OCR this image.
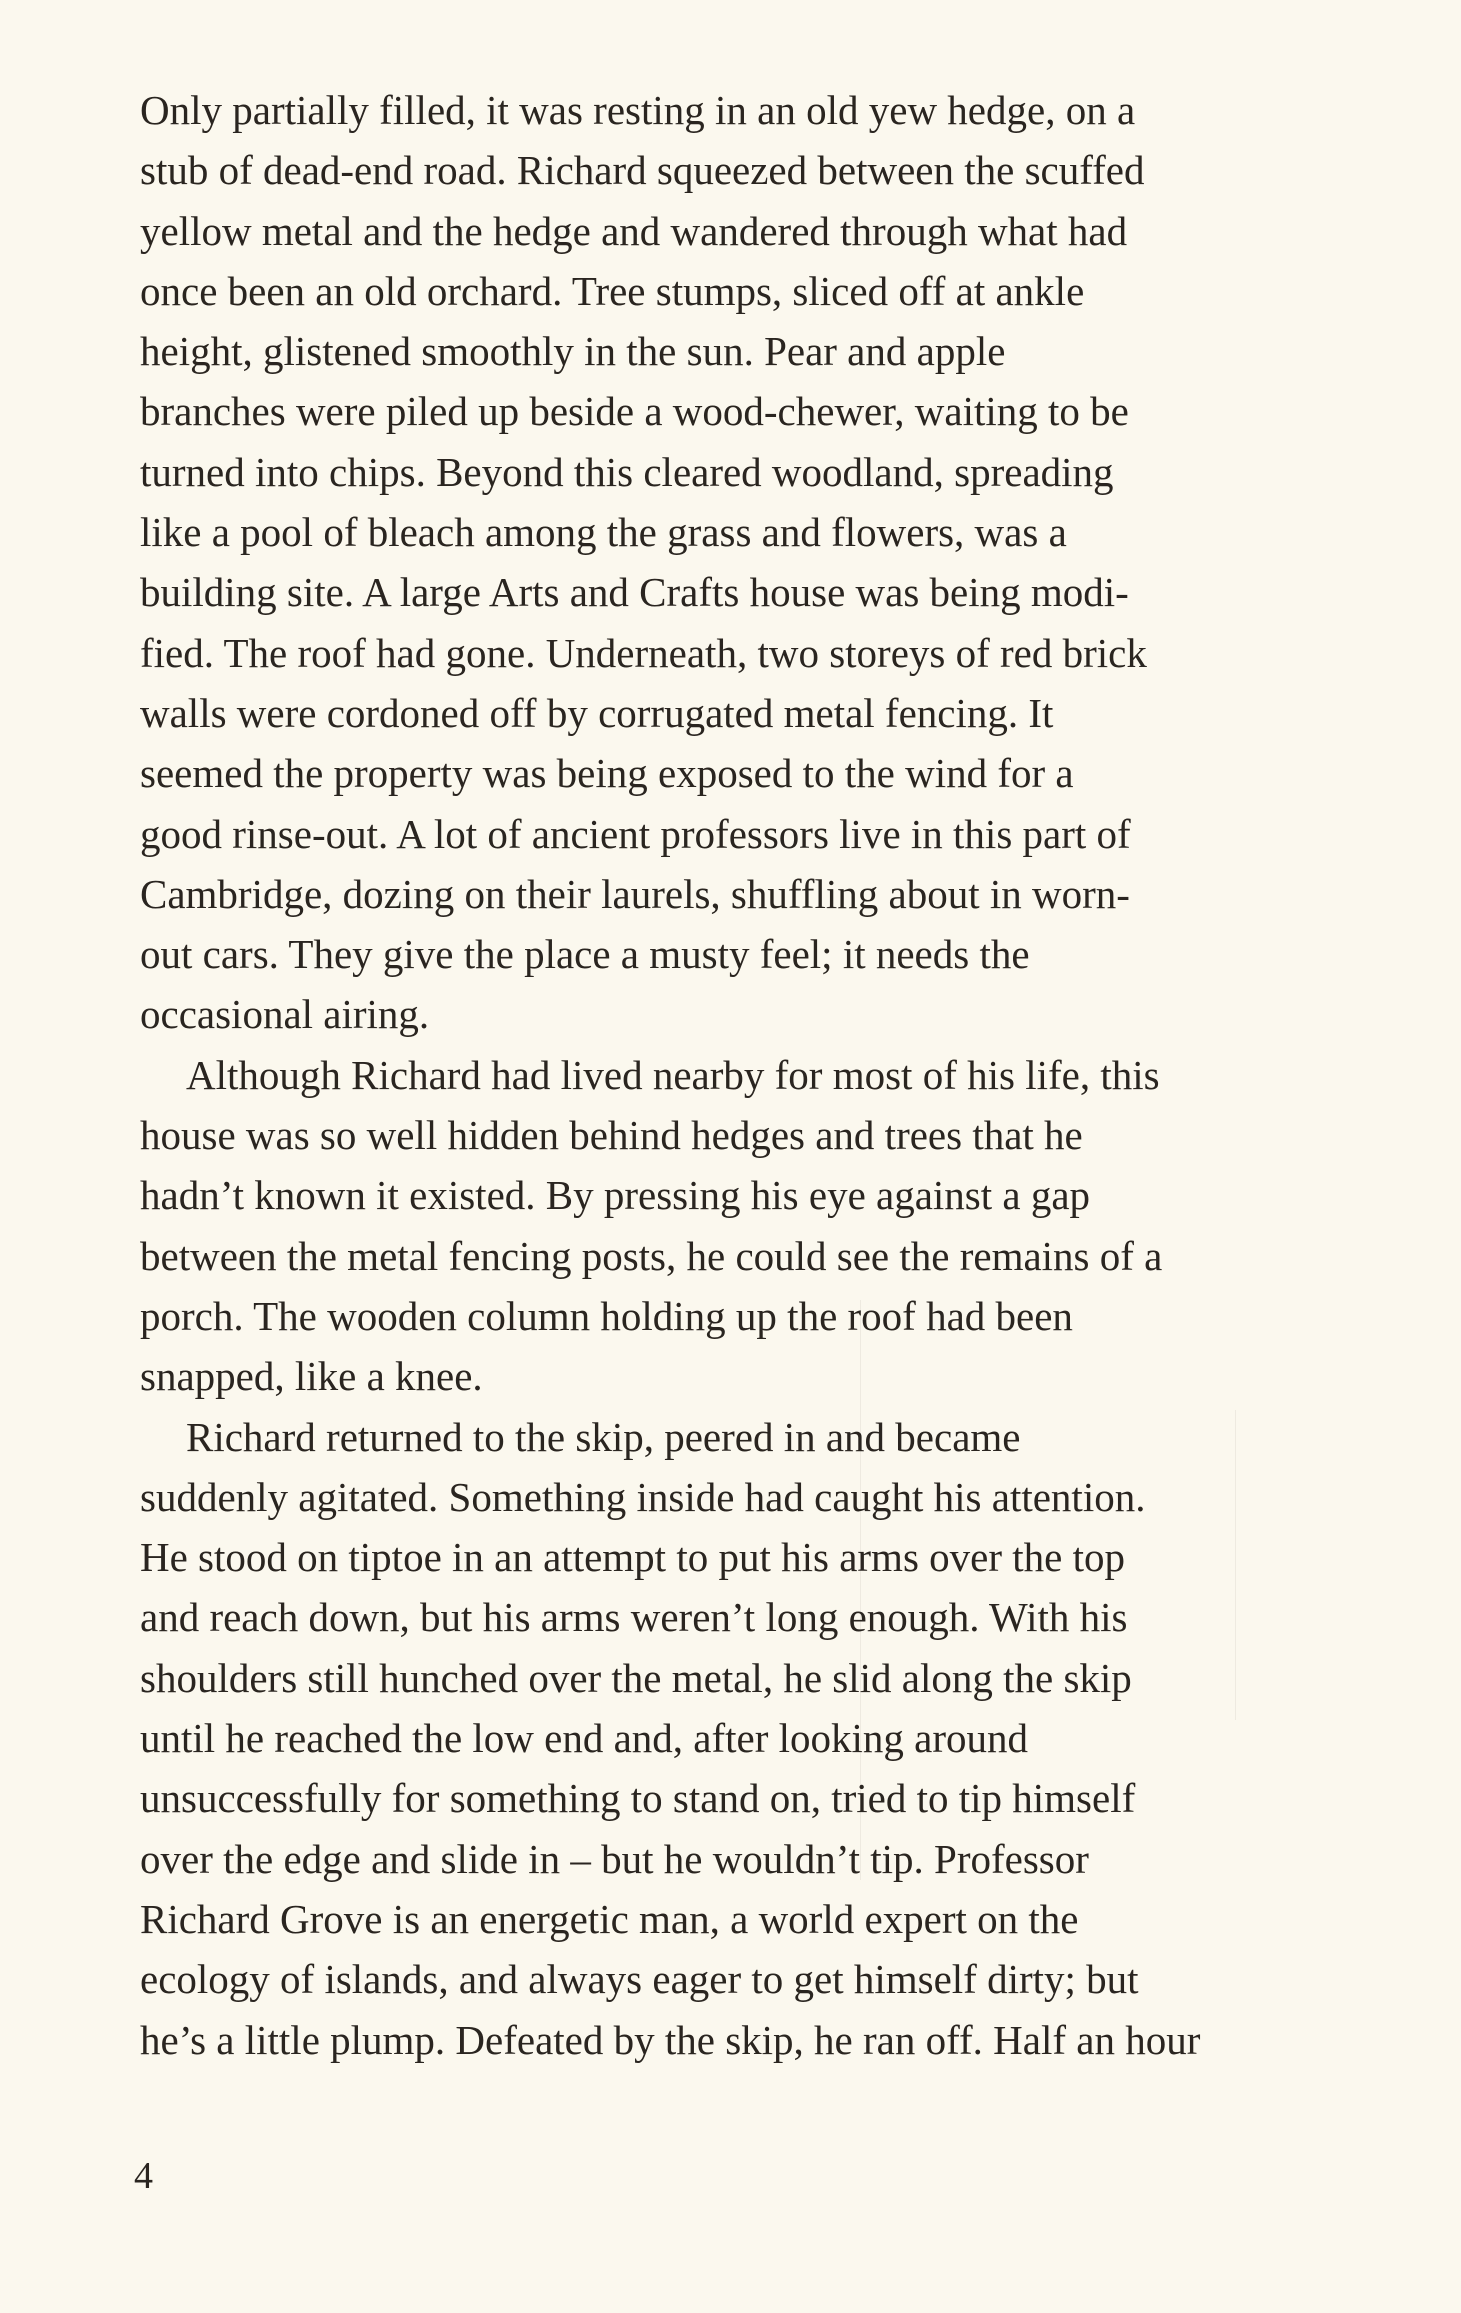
Only partially filled, it was resting in an old yew hedge, on a
stub of dead-end road. Richard squeezed between the scuffed
yellow metal and the hedge and wandered through what had
once been an old orchard. Tree stumps, sliced off at ankle
height, glistened smoothly in the sun. Pear and apple
branches were piled up beside a wood-chewer, waiting to be
turned into chips. Beyond this cleared woodland, spreading
like a pool of bleach among the grass and flowers, was a
building site. A large Arts and Crafts house was being modi-
fied. The roof had gone. Underneath, two storeys of red brick
walls were cordoned off by corrugated metal fencing. It
seemed the property was being exposed to the wind for a
good rinse-out. A lot of ancient professors live in this part of
Cambridge, dozing on their laurels, shuffling about in worn-
out cars. They give the place a musty feel; it needs the
occasional airing.
Although Richard had lived nearby for most of his life, this
house was so well hidden behind hedges and trees that he
hadn’t known it existed. By pressing his eye against a gap
between the metal fencing posts, he could see the remains of a
porch. The wooden column holding up the roof had been
snapped, like a knee.
Richard returned to the skip, peered in and became
suddenly agitated. Something inside had caught his attention.
He stood on tiptoe in an attempt to put his arms over the top
and reach down, but his arms weren’t long enough. With his
shoulders still hunched over the metal, he slid along the skip
until he reached the low end and, after looking around
unsuccessfully for something to stand on, tried to tip himself
over the edge and slide in – but he wouldn’t tip. Professor
Richard Grove is an energetic man, a world expert on the
ecology of islands, and always eager to get himself dirty; but
he’s a little plump. Defeated by the skip, he ran off. Half an hour
4
